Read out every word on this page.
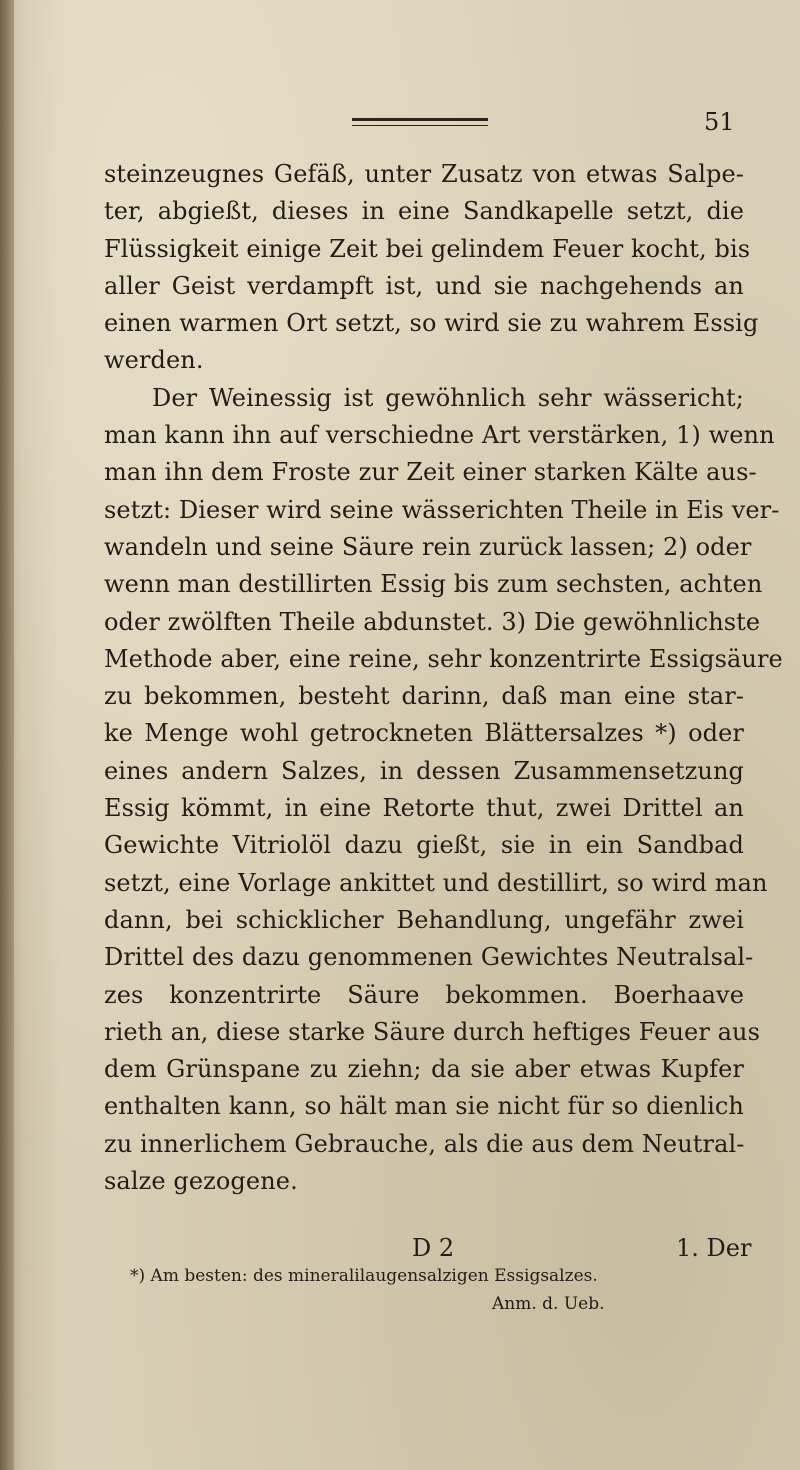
51
steinzeugnes Gefäß, unter Zusatz von etwas Salpe-
ter, abgießt, dieses in eine Sandkapelle setzt, die
Flüssigkeit einige Zeit bei gelindem Feuer kocht, bis
aller Geist verdampft ist, und sie nachgehends an
einen warmen Ort setzt, so wird sie zu wahrem Essig
werden.
Der Weinessig ist gewöhnlich sehr wässericht;
man kann ihn auf verschiedne Art verstärken, 1) wenn
man ihn dem Froste zur Zeit einer starken Kälte aus-
setzt: Dieser wird seine wässerichten Theile in Eis ver-
wandeln und seine Säure rein zurück lassen; 2) oder
wenn man destillirten Essig bis zum sechsten, achten
oder zwölften Theile abdunstet. 3) Die gewöhnlichste
Methode aber, eine reine, sehr konzentrirte Essigsäure
zu bekommen, besteht darinn, daß man eine star-
ke Menge wohl getrockneten Blättersalzes *) oder
eines andern Salzes, in dessen Zusammensetzung
Essig kömmt, in eine Retorte thut, zwei Drittel an
Gewichte Vitriolöl dazu gießt, sie in ein Sandbad
setzt, eine Vorlage ankittet und destillirt, so wird man
dann, bei schicklicher Behandlung, ungefähr zwei
Drittel des dazu genommenen Gewichtes Neutralsal-
zes konzentrirte Säure bekommen. Boerhaave
rieth an, diese starke Säure durch heftiges Feuer aus
dem Grünspane zu ziehn; da sie aber etwas Kupfer
enthalten kann, so hält man sie nicht für so dienlich
zu innerlichem Gebrauche, als die aus dem Neutral-
salze gezogene.
D 2	1. Der
*) Am besten: des mineralilaugensalzigen Essigsalzes.
Anm. d. Ueb.
